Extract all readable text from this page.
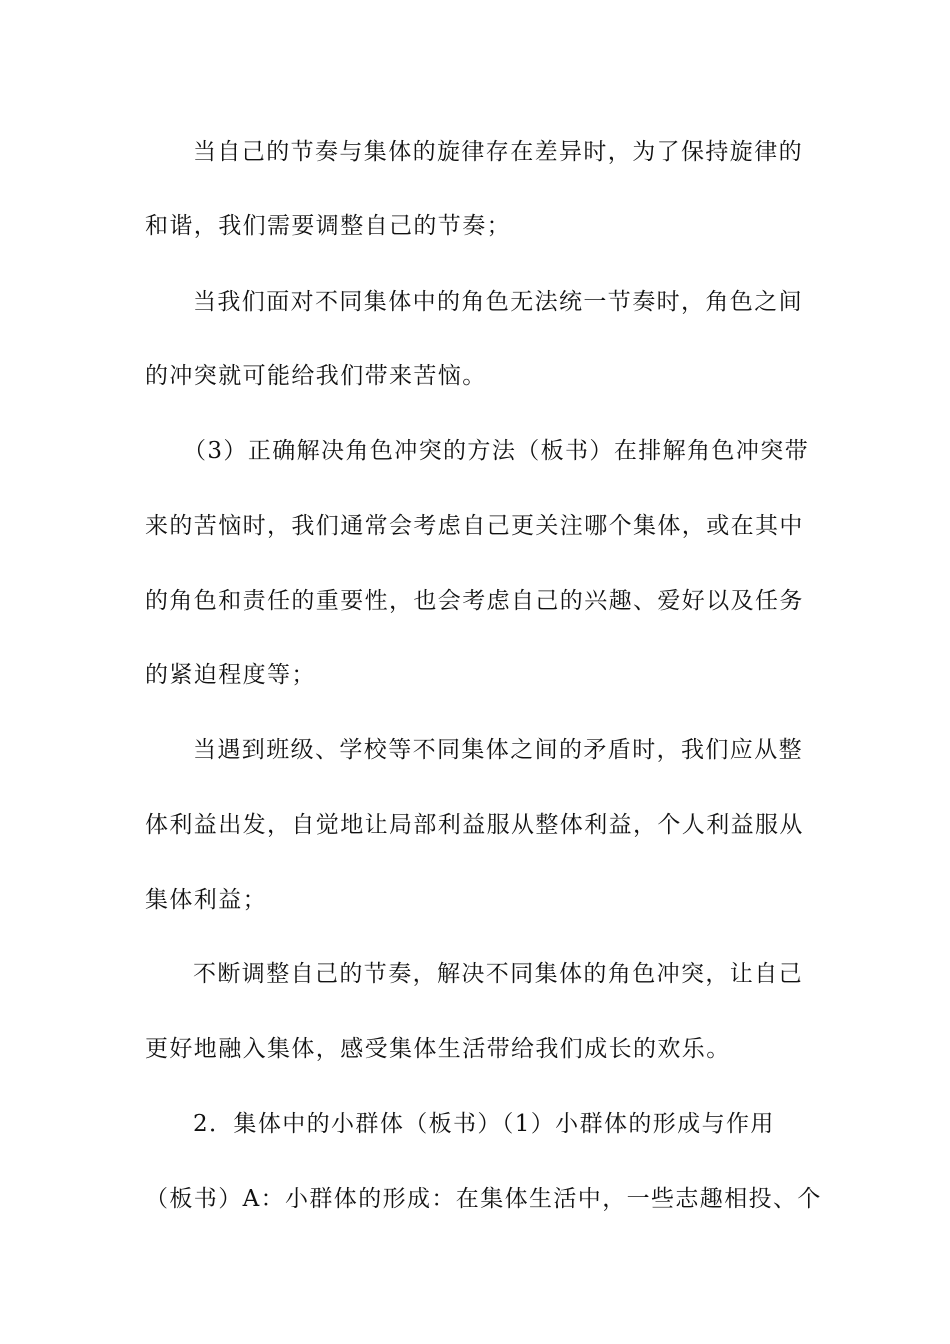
当自己的节奏与集体的旋律存在差异时，为了保持旋律的
和谐，我们需要调整自己的节奏；
当我们面对不同集体中的角色无法统一节奏时，角色之间
的冲突就可能给我们带来苦恼。
（3）正确解决角色冲突的方法（板书）在排解角色冲突带
来的苦恼时，我们通常会考虑自己更关注哪个集体，或在其中
的角色和责任的重要性，也会考虑自己的兴趣、爱好以及任务
的紧迫程度等；
当遇到班级、学校等不同集体之间的矛盾时，我们应从整
体利益出发，自觉地让局部利益服从整体利益，个人利益服从
集体利益；
不断调整自己的节奏，解决不同集体的角色冲突，让自己
更好地融入集体，感受集体生活带给我们成长的欢乐。
2．集体中的小群体（板书）（1）小群体的形成与作用
（板书）A：小群体的形成：在集体生活中，一些志趣相投、个
